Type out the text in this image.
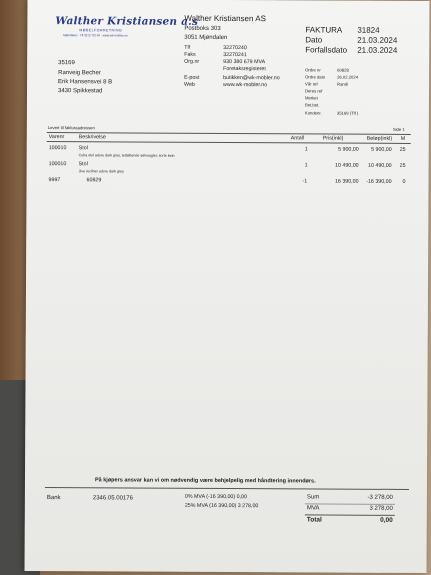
Walther Kristiansen a.s
MØBELFORRETNING
Mjøndalen · Tlf 32 27 02 40 · www.wk-mobler.no
Walther Kristiansen AS
Postboks 303
3051 Mjøndalen
Tlf	32270240
Faks	32270241
Org.nr	930 380 679 MVA
Foretaksregisteret
E-post	butikken@wk-mobler.no
Web	www.wk-mobler.no
FAKTURA 31824
Dato	21.03.2024
Forfallsdato 21.03.2024
Ordre nr	60828
Ordre dato	26.02.2024
Vår ref	Randi
Deres ref
Merket
Bet.bet.
Kundenr.	35169 (Tlf )
35169
Ranveig Becher
Erik Hansensvei 8 B
3430 Spikkestad
Levert til fakturaadressen	Side 1
Varenr	Beskrivelse	Antall	Pris(inkl)	Beløp(inkl) M
100010 Stol	1	5 900,00	5 900,00 25
Cuba stol adore dark grey, tettsittende sølvnagler, sorte bein
100010 Stol	1	10 490,00	10 490,00 25
Jive recliner adore dark grey
9997	60829	-1	16 390,00	-16 390,00 0
På kjøpers ansvar kan vi om nødvendig være behjelpelig med håndtering innendørs.
Bank	2346.05.00176	0% MVA (-16 390,00) 0,00
25% MVA (16 390,00) 3 278,00
Sum	-3 278,00
MVA	3 278,00
Total	0,00
